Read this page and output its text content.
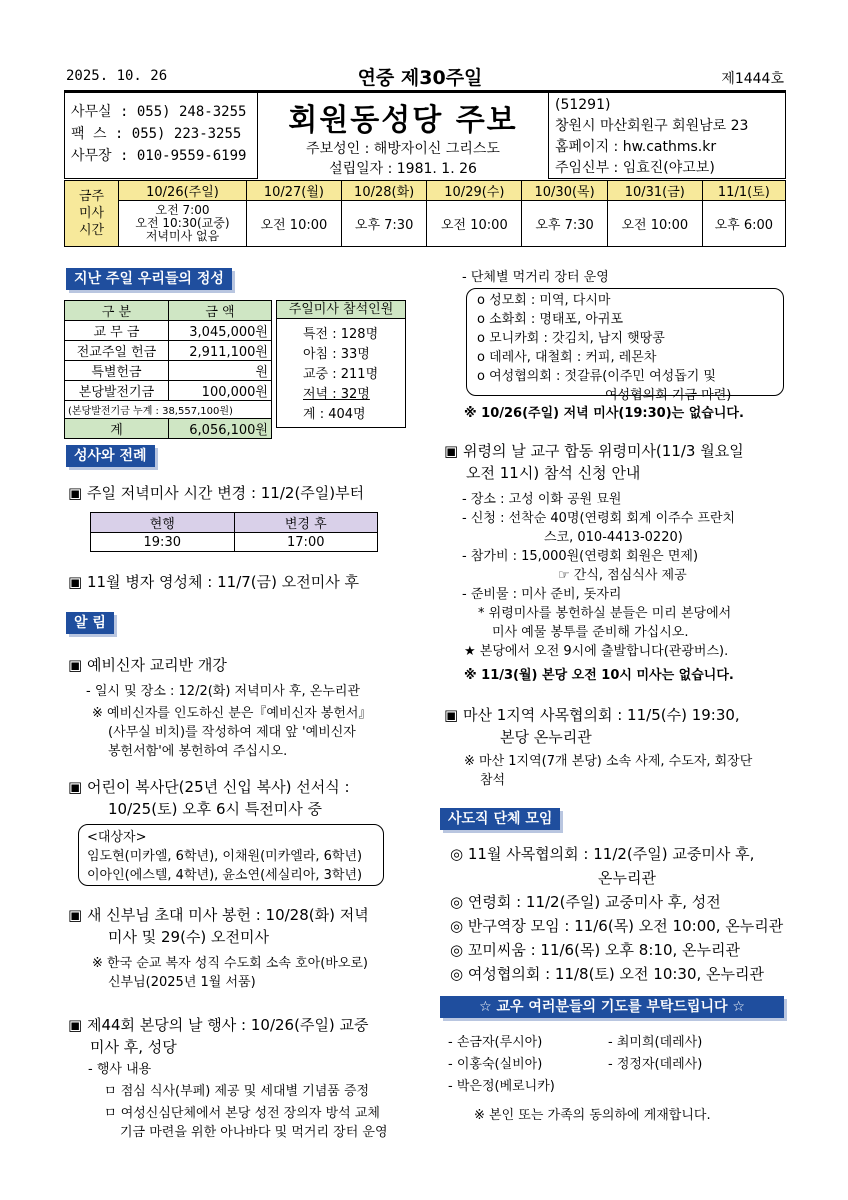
2025. 10. 26	연중 제30주일	제1444호
사무실 : 055) 248-3255
팩 스 : 055) 223-3255
사무장 : 010-9559-6199
회원동성당 주보
주보성인 : 해방자이신 그리스도
설립일자 : 1981. 1. 26
(51291)
창원시 마산회원구 회원남로 23
홈페이지 : hw.cathms.kr
주임신부 : 임효진(야고보)
금주
미사
시간	10/26(주일)	10/27(월)	10/28(화)	10/29(수)	10/30(목)	10/31(금)	11/1(토)

	오전 7:00
오전 10:30(교중)
저녁미사 없음	오전 10:00	오후 7:30	오전 10:00	오후 7:30	오전 10:00	오후 6:00
지난 주일 우리들의 정성
구 분	금 액
교 무 금	3,045,000원
전교주일 헌금	2,911,100원
특별헌금	원
본당발전기금	100,000원
(본당발전기금 누계 : 38,557,100원)	
계	6,056,100원
주일미사 참석인원
특전 : 128명
아침 : 33명
교중 : 211명
저녁 : 32명
계 : 404명
성사와 전례
▣ 주일 저녁미사 시간 변경 : 11/2(주일)부터
현행	변경 후
19:30	17:00
▣ 11월 병자 영성체 : 11/7(금) 오전미사 후
알 림
▣ 예비신자 교리반 개강
- 일시 및 장소 : 12/2(화) 저녁미사 후, 온누리관
※ 예비신자를 인도하신 분은『예비신자 봉헌서』
(사무실 비치)를 작성하여 제대 앞 '예비신자
봉헌서함'에 봉헌하여 주십시오.
▣ 어린이 복사단(25년 신입 복사) 선서식 :
10/25(토) 오후 6시 특전미사 중
<대상자>
임도현(미카엘, 6학년), 이채원(미카엘라, 6학년)
이아인(에스텔, 4학년), 윤소연(세실리아, 3학년)
▣ 새 신부님 초대 미사 봉헌 : 10/28(화) 저녁
미사 및 29(수) 오전미사
※ 한국 순교 복자 성직 수도회 소속 호아(바오로)
신부님(2025년 1월 서품)
▣ 제44회 본당의 날 행사 : 10/26(주일) 교중
미사 후, 성당
- 행사 내용
ㅁ 점심 식사(부페) 제공 및 세대별 기념품 증정
ㅁ 여성신심단체에서 본당 성전 장의자 방석 교체
기금 마련을 위한 아나바다 및 먹거리 장터 운영
- 단체별 먹거리 장터 운영
o 성모회 : 미역, 다시마
o 소화회 : 명태포, 아귀포
o 모니카회 : 갓김치, 남지 햇땅콩
o 데레사, 대철회 : 커피, 레몬차
o 여성협의회 : 젓갈류(이주민 여성돕기 및
여성협의회 기금 마련)
※ 10/26(주일) 저녁 미사(19:30)는 없습니다.
▣ 위령의 날 교구 합동 위령미사(11/3 월요일
오전 11시) 참석 신청 안내
- 장소 : 고성 이화 공원 묘원
- 신청 : 선착순 40명(연령회 회계 이주수 프란치
스코, 010-4413-0220)
- 참가비 : 15,000원(연령회 회원은 면제)
☞ 간식, 점심식사 제공
- 준비물 : 미사 준비, 돗자리
* 위령미사를 봉헌하실 분들은 미리 본당에서
미사 예물 봉투를 준비해 가십시오.
★ 본당에서 오전 9시에 출발합니다(관광버스).
※ 11/3(월) 본당 오전 10시 미사는 없습니다.
▣ 마산 1지역 사목협의회 : 11/5(수) 19:30,
본당 온누리관
※ 마산 1지역(7개 본당) 소속 사제, 수도자, 회장단
참석
사도직 단체 모임
◎ 11월 사목협의회 : 11/2(주일) 교중미사 후,
온누리관
◎ 연령회 : 11/2(주일) 교중미사 후, 성전
◎ 반구역장 모임 : 11/6(목) 오전 10:00, 온누리관
◎ 꼬미씨움 : 11/6(목) 오후 8:10, 온누리관
◎ 여성협의회 : 11/8(토) 오전 10:30, 온누리관
☆ 교우 여러분들의 기도를 부탁드립니다 ☆
- 손금자(루시아)	- 최미희(데레사)
- 이홍숙(실비아)	- 정정자(데레사)
- 박은정(베로니카)
※ 본인 또는 가족의 동의하에 게재합니다.
